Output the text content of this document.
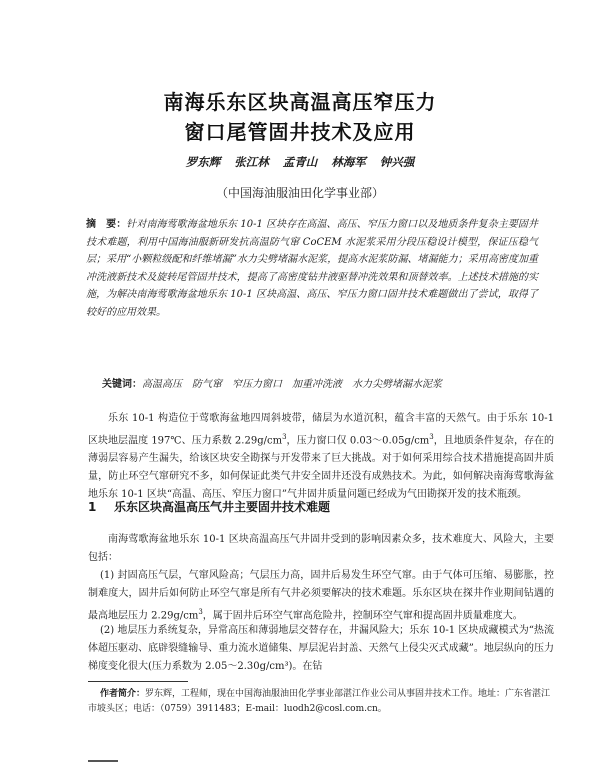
南海乐东区块高温高压窄压力
窗口尾管固井技术及应用
罗东辉 张江林 孟青山 林海军 钟兴强
（中国海油服油田化学事业部）
摘　要：针对南海莺歌海盆地乐东 10-1 区块存在高温、高压、窄压力窗口以及地质条件复杂主要固井技术难题，利用中国海油服新研发抗高温防气窜 CoCEM 水泥浆采用分段压稳设计模型，保证压稳气层；采用“小颗粒级配和纤维堵漏”水力尖劈堵漏水泥浆，提高水泥浆防漏、堵漏能力；采用高密度加重冲洗液新技术及旋转尾管固井技术，提高了高密度钻井液驱替冲洗效果和顶替效率。上述技术措施的实施，为解决南海莺歌海盆地乐东 10-1 区块高温、高压、窄压力窗口固井技术难题做出了尝试，取得了较好的应用效果。
关键词：高温高压　防气窜　窄压力窗口　加重冲洗液　水力尖劈堵漏水泥浆
乐东 10-1 构造位于莺歌海盆地四周斜坡带，储层为水道沉积，蕴含丰富的天然气。由于乐东 10-1 区块地层温度 197℃、压力系数 $2.29g/cm^3$，压力窗口仅 $0.03\sim 0.05g/cm^3$，且地质条件复杂，存在的薄弱层容易产生漏失，给该区块安全勘探与开发带来了巨大挑战。对于如何采用综合技术措施提高固井质量，防止环空气窜研究不多，如何保证此类气井安全固井还没有成熟技术。为此，如何解决南海莺歌海盆地乐东 10-1 区块“高温、高压、窄压力窗口”气井固井质量问题已经成为气田勘探开发的技术瓶颈。
1 乐东区块高温高压气井主要固井技术难题
南海莺歌海盆地乐东 10-1 区块高温高压气井固井受到的影响因素众多，技术难度大、风险大，主要包括：
(1) 封固高压气层，气窜风险高；气层压力高，固井后易发生环空气窜。由于气体可压缩、易膨胀，控制难度大，固井后如何防止环空气窜是所有气井必须要解决的技术难题。乐东区块在探井作业期间钻遇的最高地层压力 $2.29g/cm^3$，属于固井后环空气窜高危险井，控制环空气窜和提高固井质量难度大。
(2) 地层压力系统复杂，异常高压和薄弱地层交替存在，井漏风险大；乐东 10-1 区块成藏模式为“热流体超压驱动、底辟裂缝输导、重力流水道储集、厚层泥岩封盖、天然气上侵尖灭式成藏”。地层纵向的压力梯度变化很大(压力系数为 2.05～2.30g/cm³)。在钻
作者简介：罗东辉，工程师，现在中国海油服油田化学事业部湛江作业公司从事固井技术工作。地址：广东省湛江市坡头区；电话：（0759）3911483；E-mail：luodh2@cosl.com.cn。
